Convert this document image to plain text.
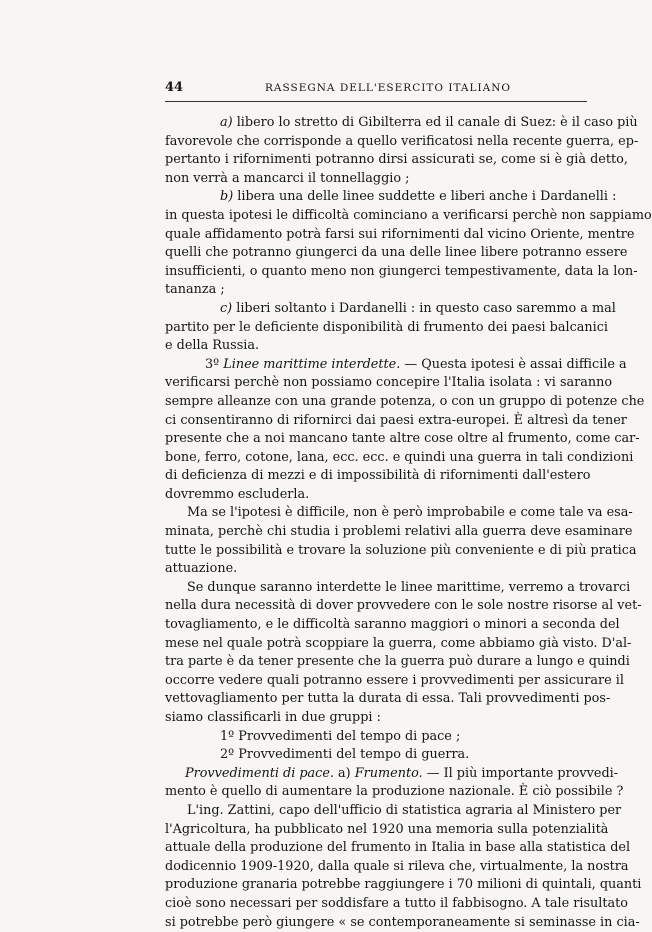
44	RASSEGNA DELL'ESERCITO ITALIANO
a) libero lo stretto di Gibilterra ed il canale di Suez: è il caso più
favorevole che corrisponde a quello verificatosi nella recente guerra, ep-
pertanto i rifornimenti potranno dirsi assicurati se, come si è già detto,
non verrà a mancarci il tonnellaggio ;
b) libera una delle linee suddette e liberi anche i Dardanelli :
in questa ipotesi le difficoltà cominciano a verificarsi perchè non sappiamo
quale affidamento potrà farsi sui rifornimenti dal vicino Oriente, mentre
quelli che potranno giungerci da una delle linee libere potranno essere
insufficienti, o quanto meno non giungerci tempestivamente, data la lon-
tananza ;
c) liberi soltanto i Dardanelli : in questo caso saremmo a mal
partito per le deficiente disponibilità di frumento dei paesi balcanici
e della Russia.
3º Linee marittime interdette. — Questa ipotesi è assai difficile a
verificarsi perchè non possiamo concepire l'Italia isolata : vi saranno
sempre alleanze con una grande potenza, o con un gruppo di potenze che
ci consentiranno di rifornirci dai paesi extra-europei. È altresì da tener
presente che a noi mancano tante altre cose oltre al frumento, come car-
bone, ferro, cotone, lana, ecc. ecc. e quindi una guerra in tali condizioni
di deficienza di mezzi e di impossibilità di rifornimenti dall'estero
dovremmo escluderla.
Ma se l'ipotesi è difficile, non è però improbabile e come tale va esa-
minata, perchè chi studia i problemi relativi alla guerra deve esaminare
tutte le possibilità e trovare la soluzione più conveniente e di più pratica
attuazione.
Se dunque saranno interdette le linee marittime, verremo a trovarci
nella dura necessità di dover provvedere con le sole nostre risorse al vet-
tovagliamento, e le difficoltà saranno maggiori o minori a seconda del
mese nel quale potrà scoppiare la guerra, come abbiamo già visto. D'al-
tra parte è da tener presente che la guerra può durare a lungo e quindi
occorre vedere quali potranno essere i provvedimenti per assicurare il
vettovagliamento per tutta la durata di essa. Tali provvedimenti pos-
siamo classificarli in due gruppi :
1º Provvedimenti del tempo di pace ;
2º Provvedimenti del tempo di guerra.
Provvedimenti di pace. a) Frumento. — Il più importante provvedi-
mento è quello di aumentare la produzione nazionale. È ciò possibile ?
L'ing. Zattini, capo dell'ufficio di statistica agraria al Ministero per
l'Agricoltura, ha pubblicato nel 1920 una memoria sulla potenzialità
attuale della produzione del frumento in Italia in base alla statistica del
dodicennio 1909-1920, dalla quale si rileva che, virtualmente, la nostra
produzione granaria potrebbe raggiungere i 70 milioni di quintali, quanti
cioè sono necessari per soddisfare a tutto il fabbisogno. A tale risultato
si potrebbe però giungere « se contemporaneamente si seminasse in cia-
